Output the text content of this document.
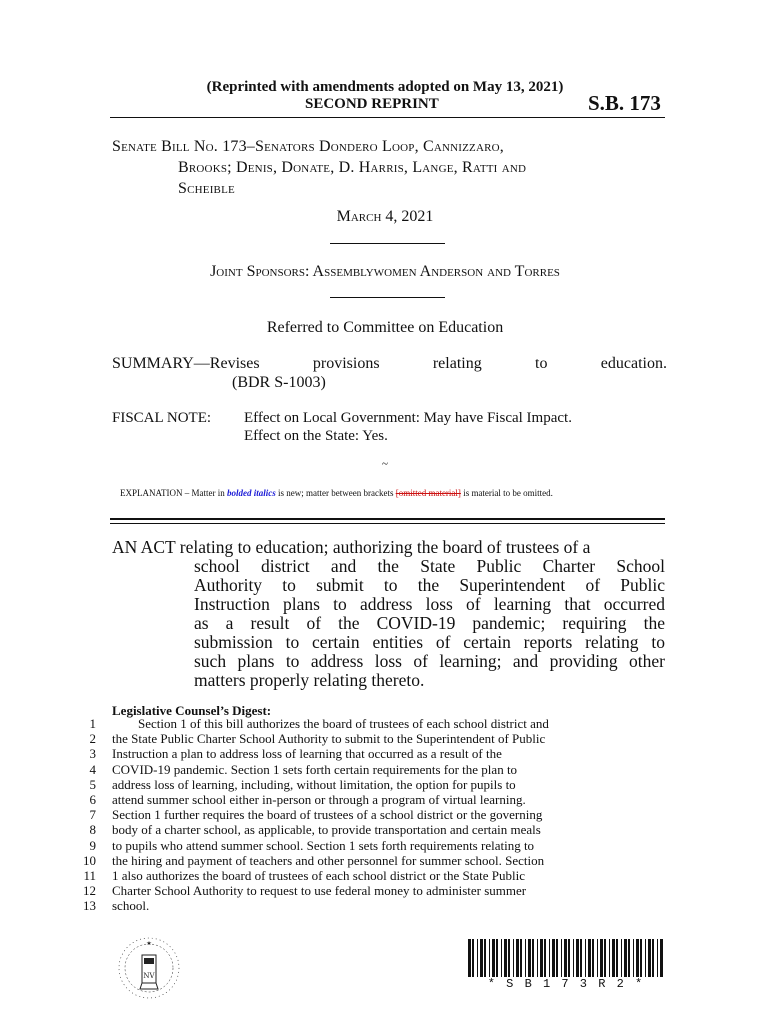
(Reprinted with amendments adopted on May 13, 2021)
SECOND REPRINT	S.B. 173
Senate Bill No. 173–Senators Dondero Loop, Cannizzaro,
Brooks; Denis, Donate, D. Harris, Lange, Ratti and
Scheible
March 4, 2021
Joint Sponsors: Assemblywomen Anderson and Torres
Referred to Committee on Education
SUMMARY—Revises	provisions	relating	to	education.
(BDR S-1003)
FISCAL NOTE: Effect on Local Government: May have Fiscal Impact.
Effect on the State: Yes.
~
EXPLANATION – Matter in bolded italics is new; matter between brackets [omitted material] is material to be omitted.
AN ACT relating to education; authorizing the board of trustees of a
school district and the State Public Charter School
Authority to submit to the Superintendent of Public
Instruction plans to address loss of learning that occurred
as a result of the COVID-19 pandemic; requiring the
submission to certain entities of certain reports relating to
such plans to address loss of learning; and providing other
matters properly relating thereto.
Legislative Counsel’s Digest:
1
2
3
4
5
6
7
8
9
10
11
12
13
Section 1 of this bill authorizes the board of trustees of each school district and
the State Public Charter School Authority to submit to the Superintendent of Public
Instruction a plan to address loss of learning that occurred as a result of the
COVID-19 pandemic. Section 1 sets forth certain requirements for the plan to
address loss of learning, including, without limitation, the option for pupils to
attend summer school either in-person or through a program of virtual learning.
Section 1 further requires the board of trustees of a school district or the governing
body of a charter school, as applicable, to provide transportation and certain meals
to pupils who attend summer school. Section 1 sets forth requirements relating to
the hiring and payment of teachers and other personnel for summer school. Section
1 also authorizes the board of trustees of each school district or the State Public
Charter School Authority to request to use federal money to administer summer
school.
NV
* S B 1 7 3 R 2 *
